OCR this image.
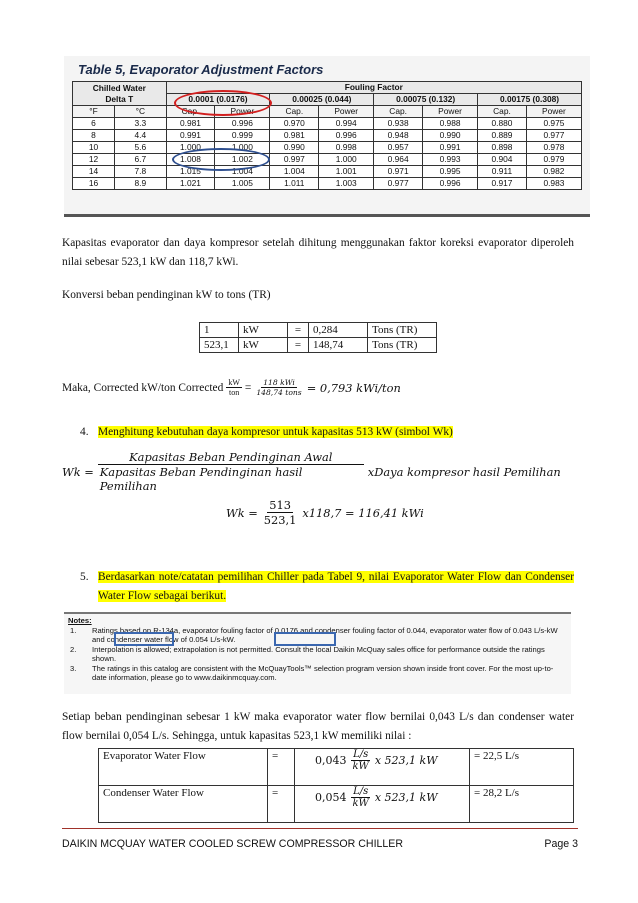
Table 5, Evaporator Adjustment Factors
Chilled Water
Delta T		Fouling Factor							
		0.0001 (0.0176)		0.00025 (0.044)		0.00075 (0.132)		0.00175 (0.308)	
°F	°C	Cap.	Power	Cap.	Power	Cap.	Power	Cap.	Power
6	3.3	0.981	0.996	0.970	0.994	0.938	0.988	0.880	0.975
8	4.4	0.991	0.999	0.981	0.996	0.948	0.990	0.889	0.977
10	5.6	1.000	1.000	0.990	0.998	0.957	0.991	0.898	0.978
12	6.7	1.008	1.002	0.997	1.000	0.964	0.993	0.904	0.979
14	7.8	1.015	1.004	1.004	1.001	0.971	0.995	0.911	0.982
16	8.9	1.021	1.005	1.011	1.003	0.977	0.996	0.917	0.983
Kapasitas evaporator dan daya kompresor setelah dihitung menggunakan faktor koreksi evaporator diperoleh nilai sebesar 523,1 kW dan 118,7 kWi.
Konversi beban pendinginan kW to tons (TR)
1	kW	=	0,284	Tons (TR)
523,1	kW	=	148,74	Tons (TR)
Maka, Corrected kW/ton Corrected $\frac{kW}{\text{ton}} = \frac{\text{118 kWi}}{\text{148,74 tons}} = 0,793$ kWi/ton
4. Menghitung kebutuhan daya kompresor untuk kapasitas 513 kW (simbol Wk)
$Wk = \frac{\text{Kapasitas Beban Pendinginan Awal}}{\text{Kapasitas Beban Pendinginan hasil Pemilihan}}$ xDaya kompresor hasil Pemilihan
$Wk = \frac{513}{523,1} x118,7 = 116,41$ kWi
5. Berdasarkan note/catatan pemilihan Chiller pada Tabel 9, nilai Evaporator Water Flow dan Condenser Water Flow sebagai berikut.
Notes:
1. Ratings based on R-134a, evaporator fouling factor of 0.0176 and condenser fouling factor of 0.044, evaporator water flow of 0.043 L/s-kW and condenser water flow of 0.054 L/s-kW.
2. Interpolation is allowed; extrapolation is not permitted. Consult the local Daikin McQuay sales office for performance outside the ratings shown.
3. The ratings in this catalog are consistent with the McQuayTools™ selection program version shown inside front cover. For the most up-to-date information, please go to www.daikinmcquay.com.
Setiap beban pendinginan sebesar 1 kW maka evaporator water flow bernilai 0,043 L/s dan condenser water flow bernilai 0,054 L/s. Sehingga, untuk kapasitas 523,1 kW memiliki nilai :
Evaporator Water Flow	=	$0,043 \frac{L/s}{kW}$ x 523,1 kW	= 22,5 L/s
Condenser Water Flow	=	$0,054 \frac{L/s}{kW}$ x 523,1 kW	= 28,2 L/s
DAIKIN MCQUAY WATER COOLED SCREW COMPRESSOR CHILLER	Page 3
